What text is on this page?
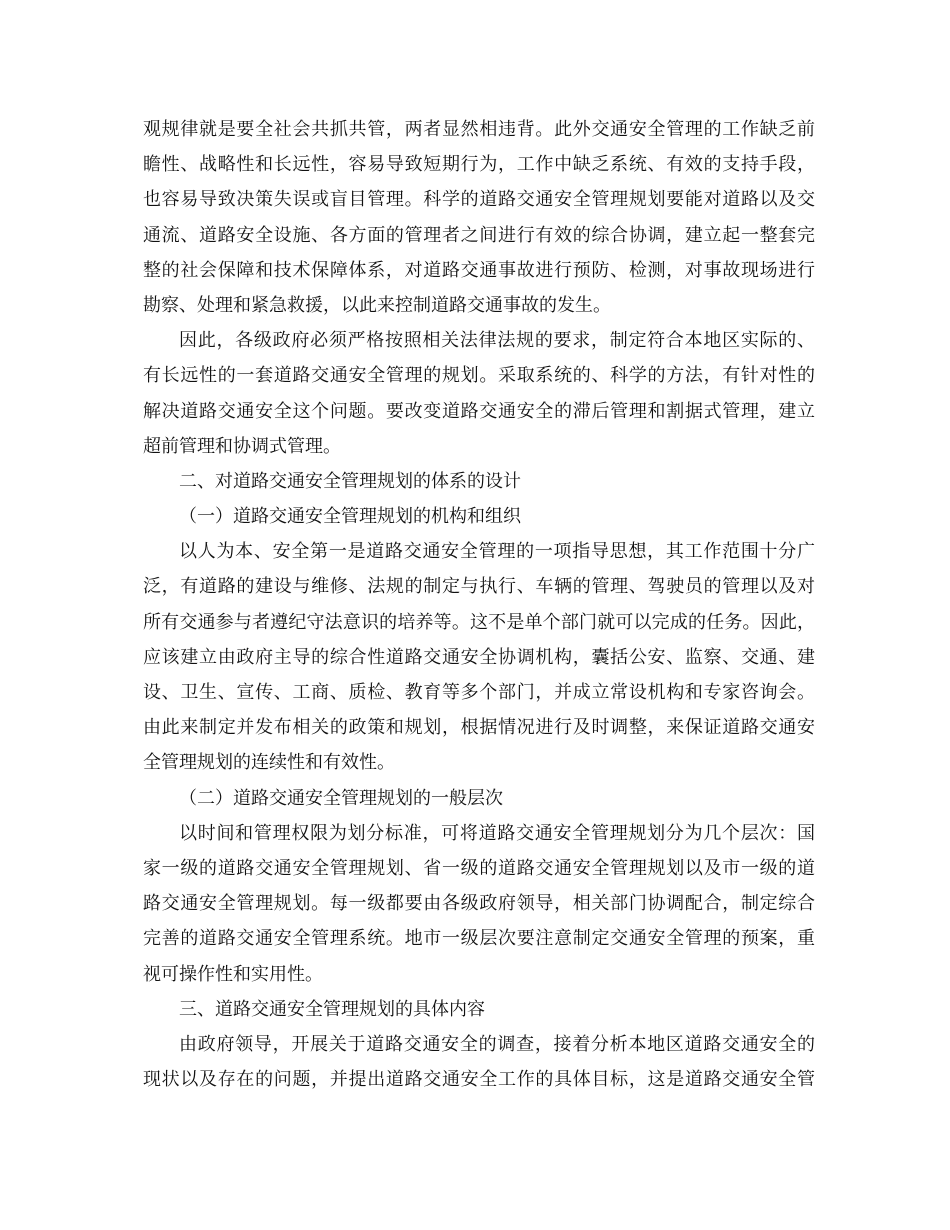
观规律就是要全社会共抓共管，两者显然相违背。此外交通安全管理的工作缺乏前
瞻性、战略性和长远性，容易导致短期行为，工作中缺乏系统、有效的支持手段，
也容易导致决策失误或盲目管理。科学的道路交通安全管理规划要能对道路以及交
通流、道路安全设施、各方面的管理者之间进行有效的综合协调，建立起一整套完
整的社会保障和技术保障体系，对道路交通事故进行预防、检测，对事故现场进行
勘察、处理和紧急救援，以此来控制道路交通事故的发生。
因此，各级政府必须严格按照相关法律法规的要求，制定符合本地区实际的、
有长远性的一套道路交通安全管理的规划。采取系统的、科学的方法，有针对性的
解决道路交通安全这个问题。要改变道路交通安全的滞后管理和割据式管理，建立
超前管理和协调式管理。
二、对道路交通安全管理规划的体系的设计
（一）道路交通安全管理规划的机构和组织
以人为本、安全第一是道路交通安全管理的一项指导思想，其工作范围十分广
泛，有道路的建设与维修、法规的制定与执行、车辆的管理、驾驶员的管理以及对
所有交通参与者遵纪守法意识的培养等。这不是单个部门就可以完成的任务。因此，
应该建立由政府主导的综合性道路交通安全协调机构，囊括公安、监察、交通、建
设、卫生、宣传、工商、质检、教育等多个部门，并成立常设机构和专家咨询会。
由此来制定并发布相关的政策和规划，根据情况进行及时调整，来保证道路交通安
全管理规划的连续性和有效性。
（二）道路交通安全管理规划的一般层次
以时间和管理权限为划分标准，可将道路交通安全管理规划分为几个层次：国
家一级的道路交通安全管理规划、省一级的道路交通安全管理规划以及市一级的道
路交通安全管理规划。每一级都要由各级政府领导，相关部门协调配合，制定综合
完善的道路交通安全管理系统。地市一级层次要注意制定交通安全管理的预案，重
视可操作性和实用性。
三、道路交通安全管理规划的具体内容
由政府领导，开展关于道路交通安全的调查，接着分析本地区道路交通安全的
现状以及存在的问题，并提出道路交通安全工作的具体目标，这是道路交通安全管
